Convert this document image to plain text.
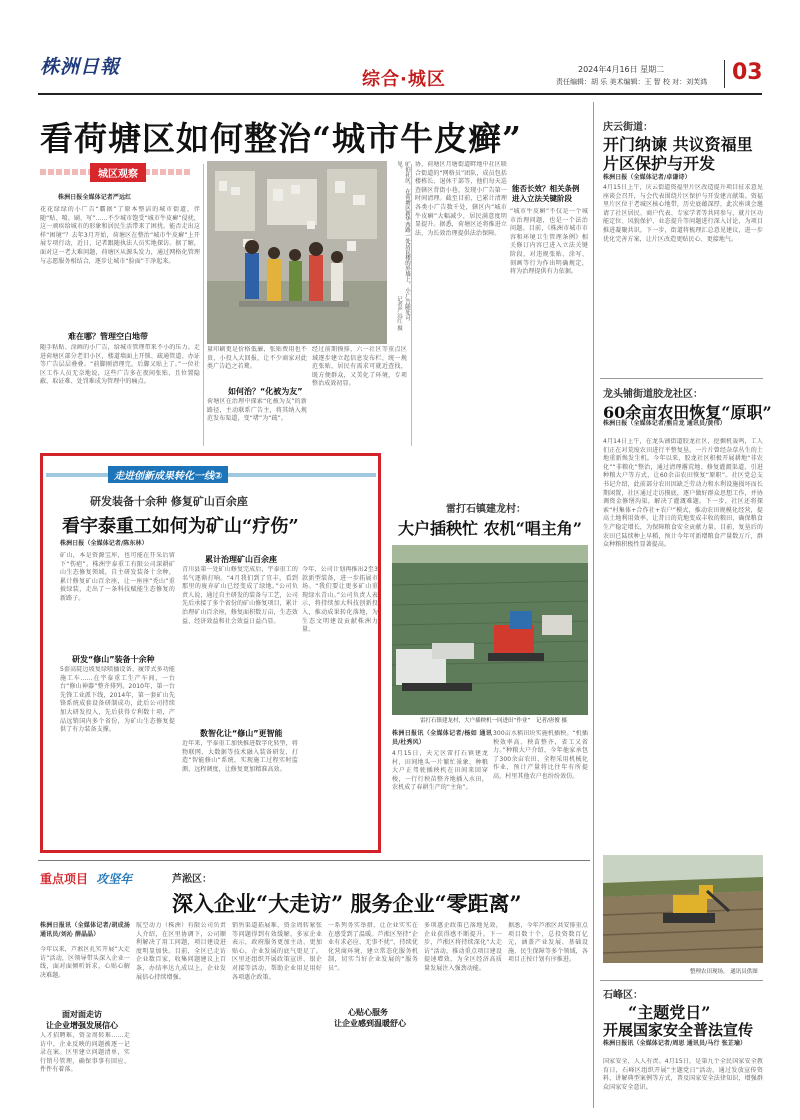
株洲日報
综合·城区	2024年4月16日 星期二
责任编辑：胡 乐 美术编辑：王 智 校 对：刘芙鸿 03
看荷塘区如何整治“城市牛皮癣”
城区观察
株洲日报全媒体记者严远红
花花绿绿的小广告“霸据”了原本整洁的城市街道，伴随“贴、喷、刷、写”……不少城市饱受“城市牛皮癣”侵扰，这一顽疾给城市的形象和居民生活带来了困扰。能否走出这样“困境”？去年3月开始，荷塘区在整治“城市牛皮癣”上开展专项行动，近日，记者跟随执法人员实地探访。据了解，面对这一老大难问题，荷塘区从源头发力，通过网格化管理与志愿服务相结合，逐步让城市“脸面”干净起来。
难在哪？管理空白地带
随手粘贴、涂画的小广告，给城市管理带来不小的压力。走进荷塘区部分老旧小区，楼道墙面上开锁、疏通管道、办证等广告层层叠叠。“前脚刚清理完，后脚又贴上了。”一位社区工作人员无奈地说，这些广告多在夜间张贴，且位置隐蔽，取证难、处罚难成为管理中的痛点。
旷伯社区，在荷塘区新华西路一处居民楼的外墙上，小广告随处可见。
记者严远红 摄
量印刷更是价格低廉，张贴费用也不贵，小投入大回报，让不少商家对此类广告趋之若鹜。
如何治？“化被为友”
荷塘区在治理中探索“化被为友”的新路径，主动联系广告主，将其纳入规范发布渠道，变“堵”为“疏”。
经过前期摸排，六一社区等重点区域逐步建立起信息发布栏，统一规范张贴，居民有需求可就近查找，既方便群众，又美化了环境，专项整治成效初显。
协，荷塘区月塘街道畔地中社区联合街道的“网格员”团队，成员包括楼栋长、退休干部等，他们每天巡查辖区背街小巷，发现小广告第一时间清理。截至目前，已累计清理各类小广告数千处，辖区内“城市牛皮癣”大幅减少，居民满意度明显提升。据悉，荷塘区还将推进立法，为长效治理提供法治保障。
能否长效？相关条例进入立法关键阶段
“城市牛皮癣”不仅是一个城市治理问题，也是一个法治问题。目前，《株洲市城市市容和环境卫生管理条例》相关修订内容已进入立法关键阶段，对违规张贴、涂写、刻画等行为作出明确规定，将为治理提供有力依据。
庆云街道：
开门纳谏 共议资福里
片区保护与开发
株洲日报（全媒体记者/卓谦诗）
4月15日上午，庆云街道资福里片区改造提升项目征求意见座谈会召开，与会代表围绕片区保护与开发建言献策。资福里片区位于老城区核心地带，历史底蕴深厚，此次座谈会邀请了社区居民、商户代表、专家学者等共同参与，就片区功能定位、风貌保护、业态提升等问题进行深入讨论，为项目推进凝聚共识。下一步，街道将梳理汇总意见建议，进一步优化完善方案，让片区改造更贴民心、更接地气。
龙头铺街道胶龙社区：
60余亩农田恢复“原职”
株洲日报（全媒体记者/熊自龙 通讯员/黄伟）
4月14日上午，在龙头铺街道胶龙社区，挖掘机轰鸣，工人们正在对荒废农田进行平整复垦，一片片曾经杂草丛生的土地重新焕发生机。今年以来，胶龙社区积极开展耕地“非农化”“非粮化”整治，通过清理撂荒地、修复灌溉渠道、引进种粮大户等方式，让60余亩农田恢复“原职”。社区党总支书记介绍，此前部分农田因缺乏劳动力和水利设施损坏而长期闲置，社区通过走访摸底，逐户做好群众思想工作，并协调资金修缮沟渠，解决了灌溉难题。下一步，社区还将探索“村集体+合作社+农户”模式，推动农田规模化经营，提高土地利用效率，让昔日的荒地变成丰收的粮田，确保粮食生产稳定增长，为保障粮食安全贡献力量。目前，复垦后的农田已陆续种上早稻，预计今年可新增粮食产量数万斤，群众种粮积极性显著提高。
整理农田现场。 通讯员供图
石峰区：
“主题党日”
开展国家安全普法宣传
株洲日报讯（全媒体记者/周思 通讯员/马行 张芷瑜）
国家安全，人人有责。4月15日，是第九个全民国家安全教育日，石峰区组织开展“主题党日”活动，通过发放宣传资料、讲解典型案例等方式，普及国家安全法律知识，增强群众国家安全意识。
走进创新成果转化一线②
研发装备十余种 修复矿山百余座
看宇泰重工如何为矿山“疗伤”
株洲日报（全媒体记者/陈东林）
矿山，本是资源宝库，也可能在开采后留下“伤疤”。株洲宇泰重工有限公司深耕矿山生态修复领域，自主研发装备十余种，累计修复矿山百余座，让一座座“秃山”重披绿装，走出了一条科技赋能生态修复的新路子。
研发“修山”装备十余种
5套高陡边坡复绿喷播设备、履带式多功能施工车……在宇泰重工生产车间，一台台“修山神器”整齐排列。2010年，第一台先锋工业派下线，2014年，第一套矿山先锋系统成套设备研制成功，此后公司持续加大研发投入，先后获得专利数十项，产品远销国内多个省份，为矿山生态修复提供了有力装备支撑。
累计治理矿山百余座
青川县第一处矿山修复完成后，宇泰重工的名气逐渐打响。“4月我们到了宜丰，看到那里的废弃矿山已经变成了绿地。”公司负责人说，通过自主研发的装备与工艺，公司先后承接了多个省份的矿山修复项目，累计治理矿山百余座，修复面积数万亩，生态效益、经济效益和社会效益日益凸显。
数智化让“修山”更智能
近年来，宇泰重工加快推进数字化转型，将物联网、大数据等技术融入装备研发，打造“智能修山”系统，实现施工过程实时监测、远程调度，让修复更加精准高效。
今年，公司计划再推出2至3款新型装备，进一步拓展市场。“我们要让更多矿山重现绿水青山。”公司负责人表示，将持续加大科技创新投入，推动成果转化落地，为生态文明建设贡献株洲力量。
雷打石镇建龙村：
大户插秧忙 农机“唱主角”
雷打石镇建龙村，大户插秧机一同进田“作业” 记者/唐俊 摄
株洲日报讯（全媒体记者/杨如 通讯员/杜秀风）
4月15日，天元区雷打石镇建龙村，田间地头一片繁忙景象，种粮大户正驾驶插秧机在田间来回穿梭，一行行秧苗整齐地插入水田，农机成了春耕生产的“主角”。
300亩水稻田块实施机插秧。“机插秧效率高、秧苗整齐，省工又省力。”种粮大户介绍，今年他家承包了300余亩农田，全程采用机械化作业，预计产量将比往年有所提高，村里其他农户也纷纷效仿。
重点项目 攻坚年	芦淞区：
深入企业“大走访” 服务企业“零距离”
株洲日报讯（全媒体记者/胡成汤 通讯员/刘沁 薛晶晶）
今年以来，芦淞区扎实开展“大走访”活动，区领导带头深入企业一线，面对面倾听诉求，心贴心解决难题。
面对面走访
让企业增强发展信心
人才招聘难、资金周转难……走访中，企业反映的问题被逐一记录在案。区里建立问题清单，实行销号管理，确保事事有回应、件件有着落。
航空动力（株洲）有限公司负责人介绍，在区里协调下，公司顺利解决了用工问题，项目建设进度明显加快。目前，全区已走访企业数百家，收集问题建议上百条，办结率达九成以上，企业发展信心持续增强。
销售渠道拓展难、资金周转紧张等问题得到有效缓解，多家企业表示，政府服务更加主动、更加贴心，企业发展的底气更足了。区里还组织开展政策宣讲、银企对接等活动，帮助企业用足用好各项惠企政策。
心贴心服务
让企业感到温暖舒心
一系列务实举措，让企业实实在在感受到了温暖。芦淞区坚持“企业有求必应、无事不扰”，持续优化营商环境，建立常态化服务机制，切实当好企业发展的“服务员”。
多项惠企政策已落地见效，企业获得感不断提升。下一步，芦淞区将持续深化“大走访”活动，推动重点项目建设提速增效，为全区经济高质量发展注入强劲动能。
据悉，今年芦淞区共安排重点项目数十个，总投资数百亿元，涵盖产业发展、基础设施、民生保障等多个领域，各项目正按计划有序推进。
